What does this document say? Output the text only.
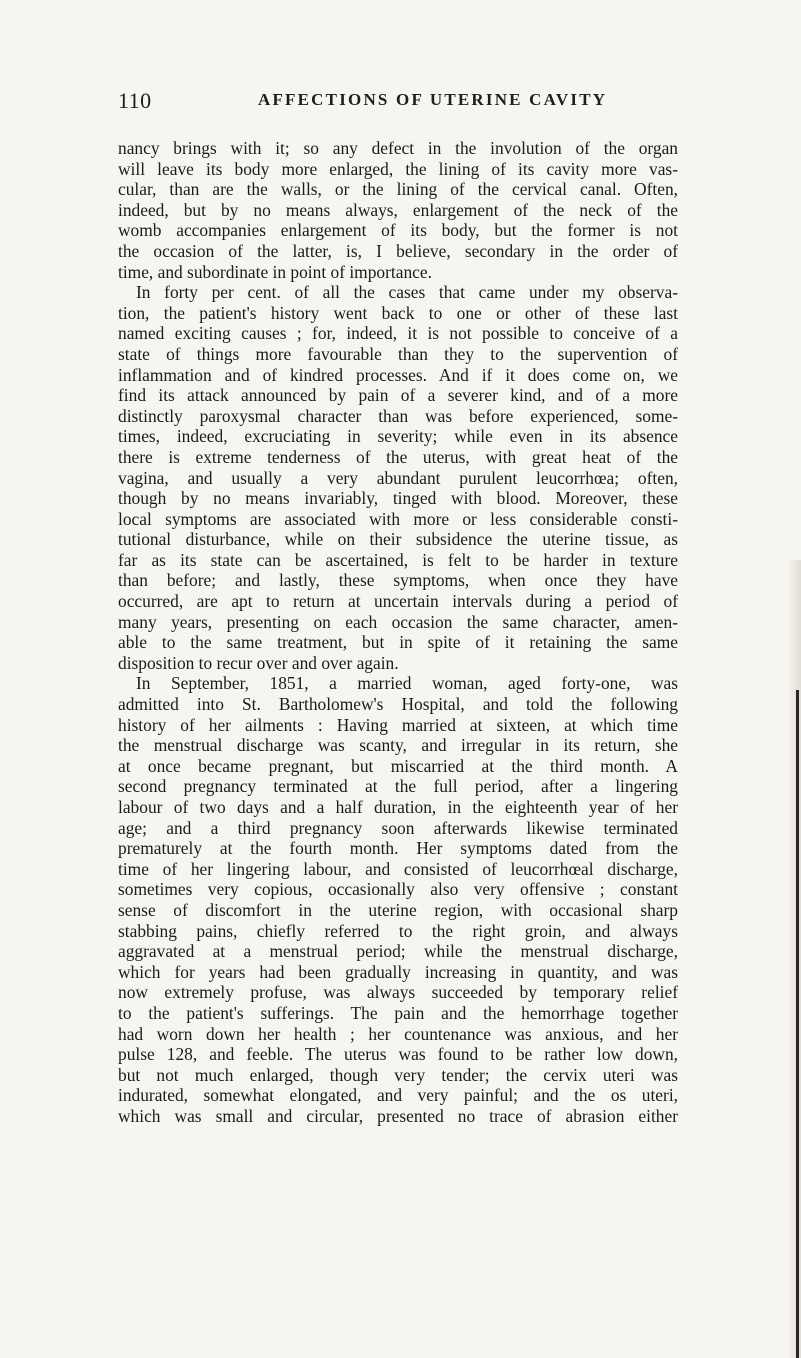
110	AFFECTIONS OF UTERINE CAVITY
nancy brings with it; so any defect in the involution of the organ
will leave its body more enlarged, the lining of its cavity more vas-
cular, than are the walls, or the lining of the cervical canal. Often,
indeed, but by no means always, enlargement of the neck of the
womb accompanies enlargement of its body, but the former is not
the occasion of the latter, is, I believe, secondary in the order of
time, and subordinate in point of importance.
In forty per cent. of all the cases that came under my observa-
tion, the patient's history went back to one or other of these last
named exciting causes ; for, indeed, it is not possible to conceive of a
state of things more favourable than they to the supervention of
inflammation and of kindred processes. And if it does come on, we
find its attack announced by pain of a severer kind, and of a more
distinctly paroxysmal character than was before experienced, some-
times, indeed, excruciating in severity; while even in its absence
there is extreme tenderness of the uterus, with great heat of the
vagina, and usually a very abundant purulent leucorrhœa; often,
though by no means invariably, tinged with blood. Moreover, these
local symptoms are associated with more or less considerable consti-
tutional disturbance, while on their subsidence the uterine tissue, as
far as its state can be ascertained, is felt to be harder in texture
than before; and lastly, these symptoms, when once they have
occurred, are apt to return at uncertain intervals during a period of
many years, presenting on each occasion the same character, amen-
able to the same treatment, but in spite of it retaining the same
disposition to recur over and over again.
In September, 1851, a married woman, aged forty-one, was
admitted into St. Bartholomew's Hospital, and told the following
history of her ailments : Having married at sixteen, at which time
the menstrual discharge was scanty, and irregular in its return, she
at once became pregnant, but miscarried at the third month. A
second pregnancy terminated at the full period, after a lingering
labour of two days and a half duration, in the eighteenth year of her
age; and a third pregnancy soon afterwards likewise terminated
prematurely at the fourth month. Her symptoms dated from the
time of her lingering labour, and consisted of leucorrhœal discharge,
sometimes very copious, occasionally also very offensive ; constant
sense of discomfort in the uterine region, with occasional sharp
stabbing pains, chiefly referred to the right groin, and always
aggravated at a menstrual period; while the menstrual discharge,
which for years had been gradually increasing in quantity, and was
now extremely profuse, was always succeeded by temporary relief
to the patient's sufferings. The pain and the hemorrhage together
had worn down her health ; her countenance was anxious, and her
pulse 128, and feeble. The uterus was found to be rather low down,
but not much enlarged, though very tender; the cervix uteri was
indurated, somewhat elongated, and very painful; and the os uteri,
which was small and circular, presented no trace of abrasion either
